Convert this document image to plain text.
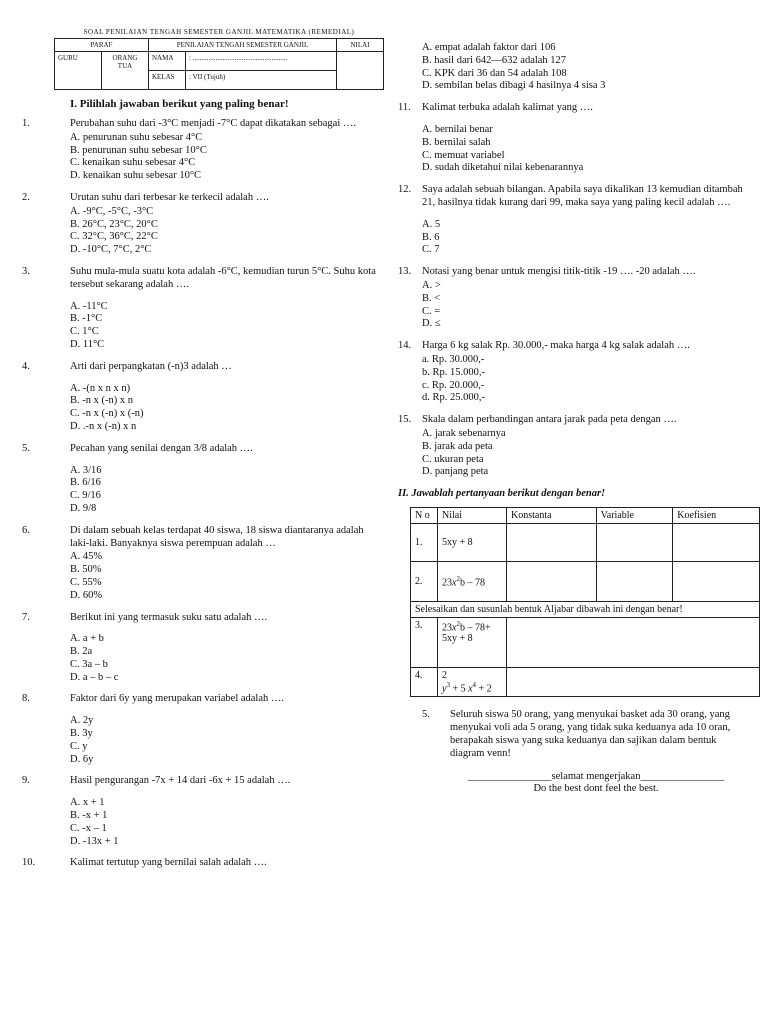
SOAL PENILAIAN TENGAH SEMESTER GANJIL MATEMATIKA (REMEDIAL)
PARAF		PENILAIAN TENGAH SEMESTER GANJIL		NILAI
GURU	ORANG TUA	NAMA	: ......................................................	
		KELAS	: VII (Tujuh)	
I. Pilihlah jawaban berikut yang paling benar!
1.	Perubahan suhu dari -3°C menjadi -7°C dapat dikatakan sebagai ….
A. penurunan suhu sebesar 4°C
B. penurunan suhu sebesar 10°C
C. kenaikan suhu sebesar 4°C
D. kenaikan suhu sebesar 10°C
2.	Urutan suhu dari terbesar ke terkecil adalah ….
A. -9°C, -5°C, -3°C
B. 26°C, 23°C, 20°C
C. 32°C, 36°C, 22°C
D. -10°C, 7°C, 2°C
3.	Suhu mula-mula suatu kota adalah -6°C, kemudian turun 5°C. Suhu kota tersebut sekarang adalah ….
A. -11°C
B. -1°C
C. 1°C
D. 11°C
4.	Arti dari perpangkatan (-n)3 adalah …
A. -(n x n x n)
B. -n x (-n) x n
C. -n x (-n) x (-n)
D. .-n x (-n) x n
5.	Pecahan yang senilai dengan 3/8 adalah ….
A. 3/16
B. 6/16
C. 9/16
D. 9/8
6.	Di dalam sebuah kelas terdapat 40 siswa, 18 siswa diantaranya adalah laki-laki. Banyaknya siswa perempuan adalah …
A. 45%
B. 50%
C. 55%
D. 60%
7.	Berikut ini yang termasuk suku satu adalah ….
A. a + b
B. 2a
C. 3a – b
D. a – b – c
8.	Faktor dari 6y yang merupakan variabel adalah ….
A. 2y
B. 3y
C. y
D. 6y
9.	Hasil pengurangan -7x + 14 dari -6x + 15 adalah ….
A. x + 1
B. -x + 1
C. -x – 1
D. -13x + 1
10.	Kalimat tertutup yang bernilai salah adalah ….
A. empat adalah faktor dari 106
B. hasil dari 642—632 adalah 127
C. KPK dari 36 dan 54 adalah 108
D. sembilan belas dibagi 4 hasilnya 4 sisa 3
11.	Kalimat terbuka adalah kalimat yang ….
A. bernilai benar
B. bernilai salah
C. memuat variabel
D. sudah diketahui nilai kebenarannya
12.	Saya adalah sebuah bilangan. Apabila saya dikalikan 13 kemudian ditambah 21, hasilnya tidak kurang dari 99, maka saya yang paling kecil adalah ….
A. 5
B. 6
C. 7
13.	Notasi yang benar untuk mengisi titik-titik -19 …. -20 adalah ….
A. >
B. <
C. =
D. ≤
14.	Harga 6 kg salak Rp. 30.000,- maka harga 4 kg salak adalah ….
a. Rp. 30.000,-
b. Rp. 15.000,-
c. Rp. 20.000,-
d. Rp. 25.000,-
15.	Skala dalam perbandingan antara jarak pada peta dengan ….
A. jarak sebenarnya
B. jarak ada peta
C. ukuran peta
D. panjang peta
II. Jawablah pertanyaan berikut dengan benar!
N o	Nilai	Konstanta	Variable	Koefisien
1.	5xy + 8			
2.	$23x^2b - 78$			
Selesaikan dan susunlah bentuk Aljabar dibawah ini dengan benar!				
3.	$23x^2b - 78+ 5xy + 8$			
4.	2
$y^3 + 5$ $x^4 + 2$			
5.	Seluruh siswa 50 orang, yang menyukai basket ada 30 orang, yang menyukai voli ada 5 orang, yang tidak suka keduanya ada 10 oran, berapakah siswa yang suka keduanya dan sajikan dalam bentuk diagram venn!
________________selamat mengerjakan________________
Do the best dont feel the best.
